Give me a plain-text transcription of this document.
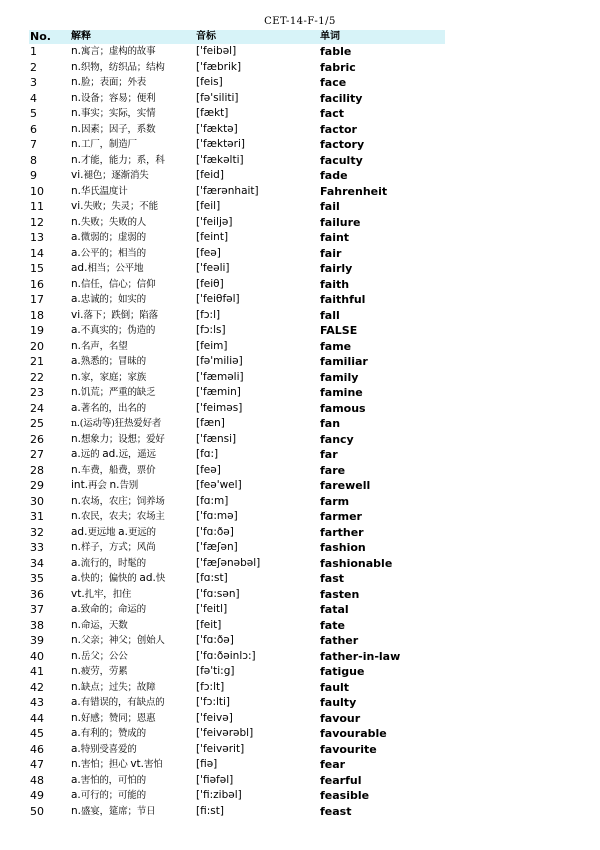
CET-14-F-1/5
No.	解释	音标	单词
1	n.寓言；虚构的故事	['feibəl]	fable
2	n.织物，纺织品；结构	['fæbrik]	fabric
3	n.脸；表面；外表	[feis]	face
4	n.设备；容易；便利	[fə'siliti]	facility
5	n.事实；实际，实情	[fækt]	fact
6	n.因素；因子，系数	['fæktə]	factor
7	n.工厂，制造厂	['fæktəri]	factory
8	n.才能，能力；系，科	['fækəlti]	faculty
9	vi.褪色；逐渐消失	[feid]	fade
10	n.华氏温度计	['færənhait]	Fahrenheit
11	vi.失败；失灵；不能	[feil]	fail
12	n.失败；失败的人	['feiljə]	failure
13	a.微弱的；虚弱的	[feint]	faint
14	a.公平的；相当的	[feə]	fair
15	ad.相当；公平地	['feəli]	fairly
16	n.信任，信心；信仰	[feiθ]	faith
17	a.忠诚的；如实的	['feiθfəl]	faithful
18	vi.落下；跌倒；陷落	[fɔ:l]	fall
19	a.不真实的；伪造的	[fɔ:ls]	FALSE
20	n.名声，名望	[feim]	fame
21	a.熟悉的；冒昧的	[fə'miliə]	familiar
22	n.家，家庭；家族	['fæməli]	family
23	n.饥荒；严重的缺乏	['fæmin]	famine
24	a.著名的，出名的	['feiməs]	famous
25	n.(运动等)狂热爱好者	[fæn]	fan
26	n.想象力；设想；爱好	['fænsi]	fancy
27	a.远的 ad.远，遥远	[fɑ:]	far
28	n.车费，船费，票价	[feə]	fare
29	int.再会 n.告别	[feə'wel]	farewell
30	n.农场，农庄；饲养场	[fɑ:m]	farm
31	n.农民，农夫；农场主	['fɑ:mə]	farmer
32	ad.更远地 a.更远的	['fɑ:ðə]	farther
33	n.样子，方式；风尚	['fæʃən]	fashion
34	a.流行的，时髦的	['fæʃənəbəl]	fashionable
35	a.快的；偏快的 ad.快	[fɑ:st]	fast
36	vt.扎牢，扣住	['fɑ:sən]	fasten
37	a.致命的；命运的	['feitl]	fatal
38	n.命运，天数	[feit]	fate
39	n.父亲；神父；创始人	['fɑ:ðə]	father
40	n.岳父；公公	['fɑ:ðəinlɔ:]	father-in-law
41	n.疲劳，劳累	[fə'ti:g]	fatigue
42	n.缺点；过失；故障	[fɔ:lt]	fault
43	a.有错误的，有缺点的	['fɔ:lti]	faulty
44	n.好感；赞同；恩惠	['feivə]	favour
45	a.有利的；赞成的	['feivərəbl]	favourable
46	a.特别受喜爱的	['feivərit]	favourite
47	n.害怕；担心 vt.害怕	[fiə]	fear
48	a.害怕的，可怕的	['fiəfəl]	fearful
49	a.可行的；可能的	['fi:zibəl]	feasible
50	n.盛宴，筵席；节日	[fi:st]	feast
